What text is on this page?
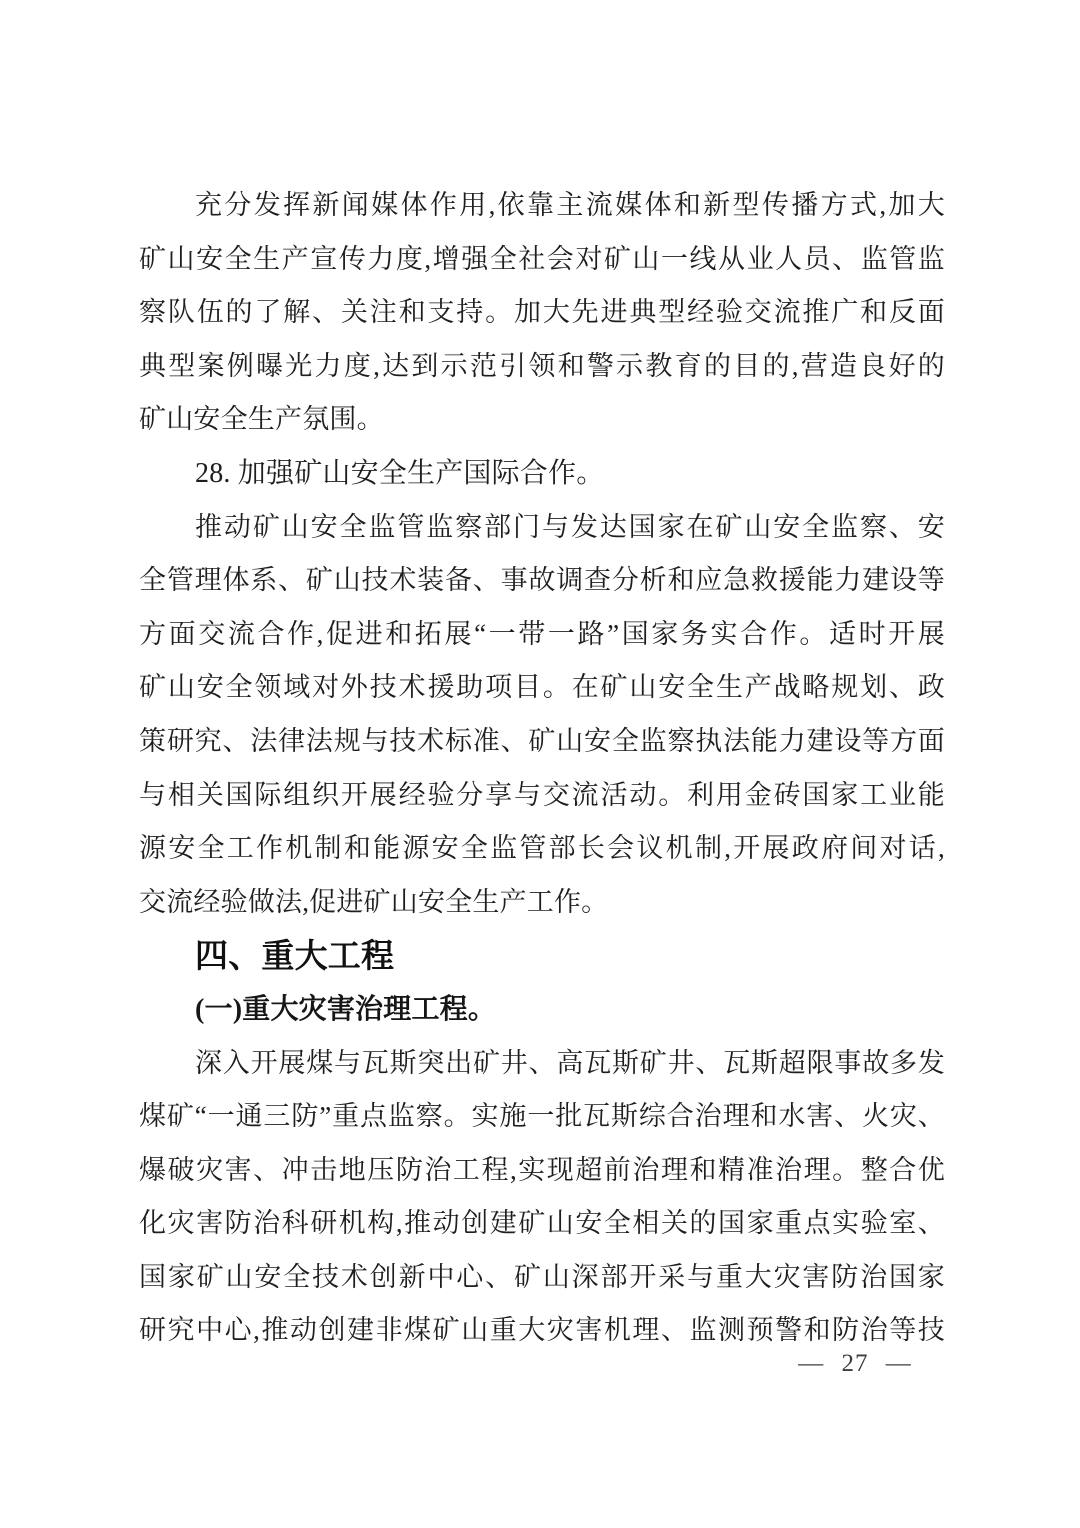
充分发挥新闻媒体作用,依靠主流媒体和新型传播方式,加大
矿山安全生产宣传力度,增强全社会对矿山一线从业人员、监管监
察队伍的了解、关注和支持。加大先进典型经验交流推广和反面
典型案例曝光力度,达到示范引领和警示教育的目的,营造良好的
矿山安全生产氛围。
28. 加强矿山安全生产国际合作。
推动矿山安全监管监察部门与发达国家在矿山安全监察、安
全管理体系、矿山技术装备、事故调查分析和应急救援能力建设等
方面交流合作,促进和拓展“一带一路”国家务实合作。适时开展
矿山安全领域对外技术援助项目。在矿山安全生产战略规划、政
策研究、法律法规与技术标准、矿山安全监察执法能力建设等方面
与相关国际组织开展经验分享与交流活动。利用金砖国家工业能
源安全工作机制和能源安全监管部长会议机制,开展政府间对话,
交流经验做法,促进矿山安全生产工作。
四、重大工程
(一)重大灾害治理工程。
深入开展煤与瓦斯突出矿井、高瓦斯矿井、瓦斯超限事故多发
煤矿“一通三防”重点监察。实施一批瓦斯综合治理和水害、火灾、
爆破灾害、冲击地压防治工程,实现超前治理和精准治理。整合优
化灾害防治科研机构,推动创建矿山安全相关的国家重点实验室、
国家矿山安全技术创新中心、矿山深部开采与重大灾害防治国家
研究中心,推动创建非煤矿山重大灾害机理、监测预警和防治等技
— 27 —
